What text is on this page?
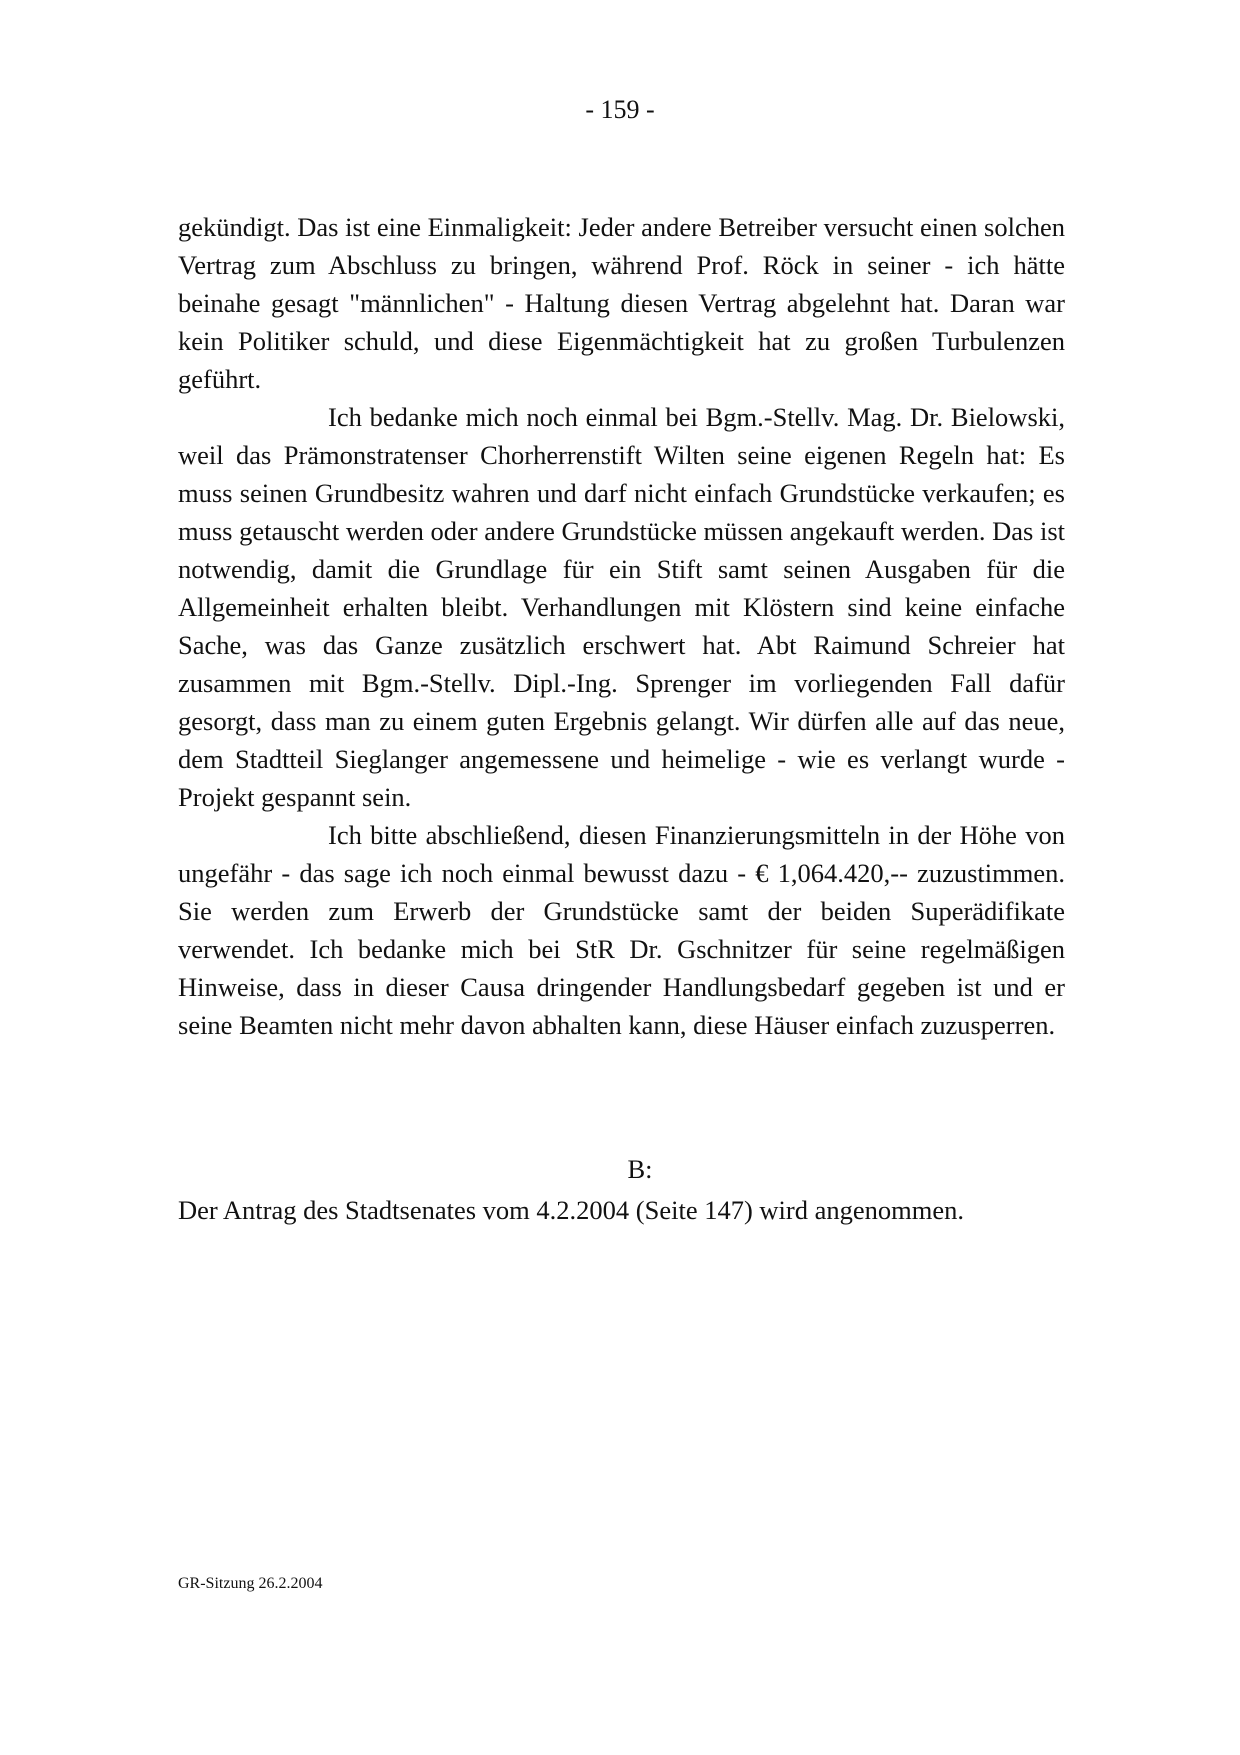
- 159 -

gekündigt. Das ist eine Einmaligkeit: Jeder andere Betreiber versucht einen solchen Vertrag zum Abschluss zu bringen, während Prof. Röck in seiner - ich hätte beinahe gesagt "männlichen" - Haltung diesen Vertrag abgelehnt hat. Daran war kein Politiker schuld, und diese Eigenmächtigkeit hat zu großen Turbulenzen geführt.

Ich bedanke mich noch einmal bei Bgm.-Stellv. Mag. Dr. Bielowski, weil das Prämonstratenser Chorherrenstift Wilten seine eigenen Regeln hat: Es muss seinen Grundbesitz wahren und darf nicht einfach Grundstücke verkaufen; es muss getauscht werden oder andere Grundstücke müssen angekauft werden. Das ist notwendig, damit die Grundlage für ein Stift samt seinen Ausgaben für die Allgemeinheit erhalten bleibt. Verhandlungen mit Klöstern sind keine einfache Sache, was das Ganze zusätzlich erschwert hat. Abt Raimund Schreier hat zusammen mit Bgm.-Stellv. Dipl.-Ing. Sprenger im vorliegenden Fall dafür gesorgt, dass man zu einem guten Ergebnis gelangt. Wir dürfen alle auf das neue, dem Stadtteil Sieglanger angemessene und heimelige - wie es verlangt wurde - Projekt gespannt sein.

Ich bitte abschließend, diesen Finanzierungsmitteln in der Höhe von ungefähr - das sage ich noch einmal bewusst dazu - € 1,064.420,-- zuzustimmen. Sie werden zum Erwerb der Grundstücke samt der beiden Superädifikate verwendet. Ich bedanke mich bei StR Dr. Gschnitzer für seine regelmäßigen Hinweise, dass in dieser Causa dringender Handlungsbedarf gegeben ist und er seine Beamten nicht mehr davon abhalten kann, diese Häuser einfach zuzusperren.

B:
Der Antrag des Stadtsenates vom 4.2.2004 (Seite 147) wird angenommen.
GR-Sitzung 26.2.2004
